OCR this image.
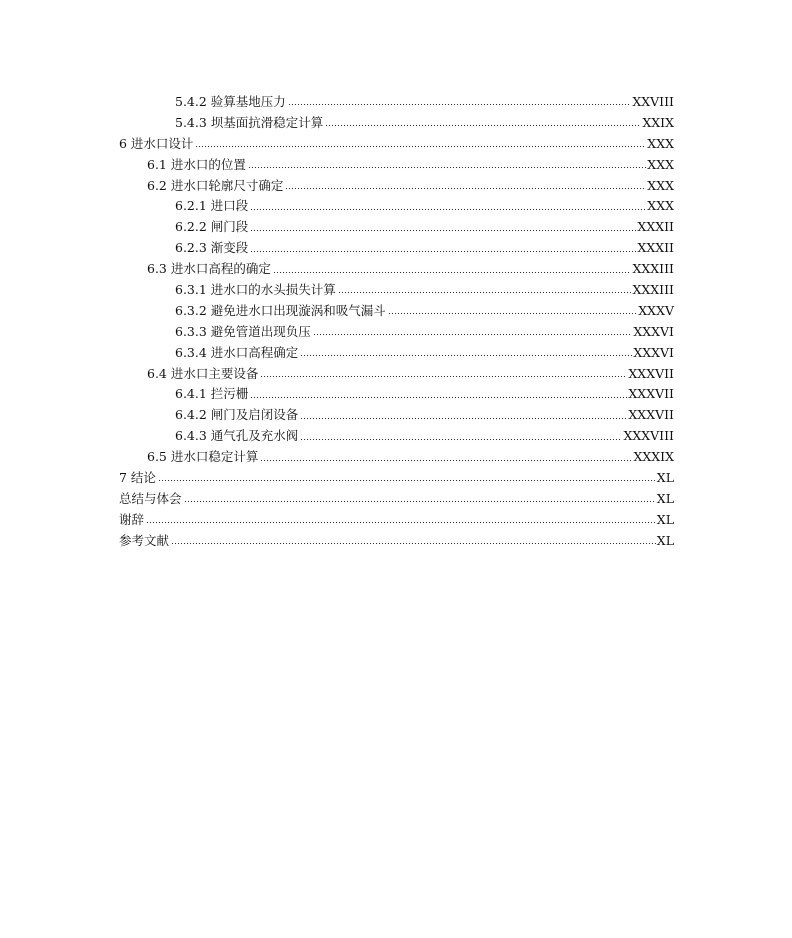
5.4.2 验算基地压力	XXVIII
5.4.3 坝基面抗滑稳定计算	XXIX
6 进水口设计	XXX
6.1 进水口的位置	XXX
6.2 进水口轮廓尺寸确定	XXX
6.2.1 进口段	XXX
6.2.2 闸门段	XXXII
6.2.3 渐变段	XXXII
6.3 进水口高程的确定	XXXIII
6.3.1 进水口的水头损失计算	XXXIII
6.3.2 避免进水口出现漩涡和吸气漏斗	XXXV
6.3.3 避免管道出现负压	XXXVI
6.3.4 进水口高程确定	XXXVI
6.4 进水口主要设备	XXXVII
6.4.1 拦污栅	XXXVII
6.4.2 闸门及启闭设备	XXXVII
6.4.3 通气孔及充水阀	XXXVIII
6.5 进水口稳定计算	XXXIX
7 结论	XL
总结与体会	XL
谢辞	XL
参考文献	XL
